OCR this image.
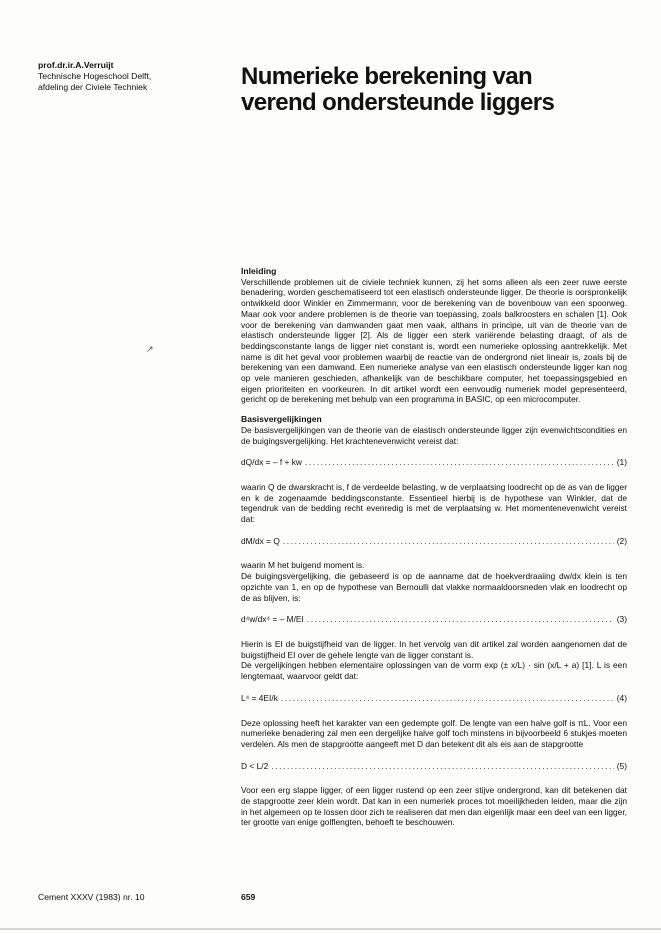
prof.dr.ir.A.Verruijt
Technische Hogeschool Delft,
afdeling der Civiele Techniek	Numerieke berekening van
verend ondersteunde liggers
↗
Inleiding

Verschillende problemen uit de civiele techniek kunnen, zij het soms alleen als een zeer ruwe eerste benadering, worden geschematiseerd tot een elastisch ondersteunde ligger. De theorie is oorspronkelijk ontwikkeld door Winkler en Zimmermann, voor de berekening van de bovenbouw van een spoorweg. Maar ook voor andere problemen is de theorie van toepassing, zoals balkroosters en schalen [1]. Ook voor de berekening van damwanden gaat men vaak, althans in principe, uit van de theorie van de elastisch ondersteunde ligger [2]. Als de ligger een sterk variërende belasting draagt, of als de beddingsconstante langs de ligger niet constant is, wordt een numerieke oplossing aantrekkelijk. Met name is dit het geval voor problemen waarbij de reactie van de ondergrond niet lineair is, zoals bij de berekening van een damwand. Een numerieke analyse van een elastisch ondersteunde ligger kan nog op vele manieren geschieden, afhankelijk van de beschikbare computer, het toepassingsgebied en eigen prioriteiten en voorkeuren. In dit artikel wordt een eenvoudig numeriek model gepresenteerd, gericht op de berekening met behulp van een programma in BASIC, op een microcomputer.

Basisvergelijkingen

De basisvergelijkingen van de theorie van de elastisch ondersteunde ligger zijn evenwichtscondities en de buigingsvergelijking. Het krachtenevenwicht vereist dat:

dQ/dx = – f + kw .....	(1)

waarin Q de dwarskracht is, f de verdeelde belasting, w de verplaatsing loodrecht op de as van de ligger en k de zogenaamde beddingsconstante. Essentieel hierbij is de hypothese van Winkler, dat de tegendruk van de bedding recht evenredig is met de verplaatsing w. Het momentenevenwicht vereist dat:

dM/dx = Q .....	(2)

waarin M het buigend moment is.

De buigingsvergelijking, die gebaseerd is op de aanname dat de hoekverdraaiing dw/dx klein is ten opzichte van 1, en op de hypothese van Bernoulli dat vlakke normaaldoorsneden vlak en loodrecht op de as blijven, is:

d⁴w/dx⁴ = – M/EI .....	(3)

Hierin is EI de buigstijfheid van de ligger. In het vervolg van dit artikel zal worden aangenomen dat de buigstijfheid EI over de gehele lengte van de ligger constant is.

De vergelijkingen hebben elementaire oplossingen van de vorm exp (± x/L) · sin (x/L + a) [1]. L is een lengtemaat, waarvoor geldt dat:

L⁴ = 4EI/k .....	(4)

Deze oplossing heeft het karakter van een gedempte golf. De lengte van een halve golf is πL. Voor een numerieke benadering zal men een dergelijke halve golf toch minstens in bijvoorbeeld 6 stukjes moeten verdelen. Als men de stapgrootte aangeeft met D dan betekent dit als eis aan de stapgrootte

D < L/2 .....	(5)

Voor een erg slappe ligger, of een ligger rustend op een zeer stijve ondergrond, kan dit betekenen dat de stapgrootte zeer klein wordt. Dat kan in een numeriek proces tot moeilijkheden leiden, maar die zijn in het algemeen op te lossen door zich te realiseren dat men dan eigenlijk maar een deel van een ligger, ter grootte van enige golflengten, behoeft te beschouwen.

Cement XXXV (1983) nr. 10	659
